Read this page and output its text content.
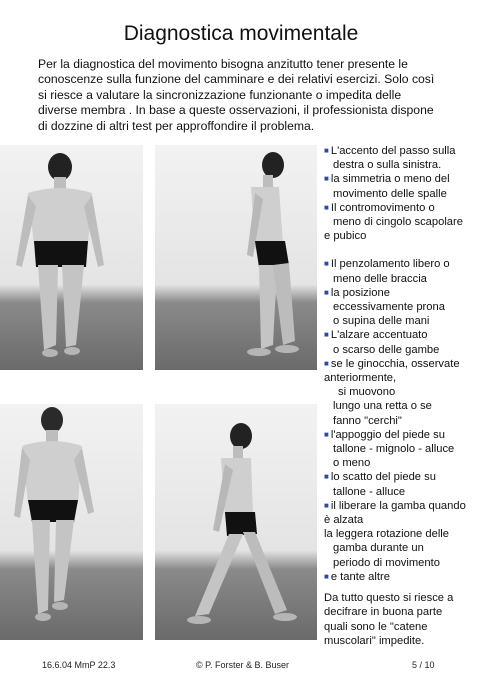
Diagnostica movimentale
Per la diagnostica del movimento bisogna anzitutto tener presente le
conoscenze sulla funzione del camminare e dei relativi esercizi. Solo così
si riesce a valutare la sincronizzazione funzionante o impedita delle
diverse membra . In base a queste osservazioni, il professionista dispone
di dozzine di altri test per approffondire il problema.
■ L'accento del passo sulla
destra o sulla sinistra.
■ la simmetria o meno del
movimento delle spalle
■ Il contromovimento o
meno di cingolo scapolare
e pubico
■ Il penzolamento libero o
meno delle braccia
■ la posizione
eccessivamente prona
o supina delle mani
■ L'alzare accentuato
o scarso delle gambe
■ se le ginocchia, osservate
anteriormente,
si muovono
lungo una retta o se
fanno "cerchi"
■ l'appoggio del piede su
tallone - mignolo - alluce
o meno
■ lo scatto del piede su
tallone - alluce
■ il liberare la gamba quando
è alzata
la leggera rotazione delle
gamba durante un
periodo di movimento
■ e tante altre
Da tutto questo si riesce a
decifrare in buona parte
quali sono le "catene
muscolari" impedite.
16.6.04 MmP 22.3	© P. Forster & B. Buser	5 / 10
